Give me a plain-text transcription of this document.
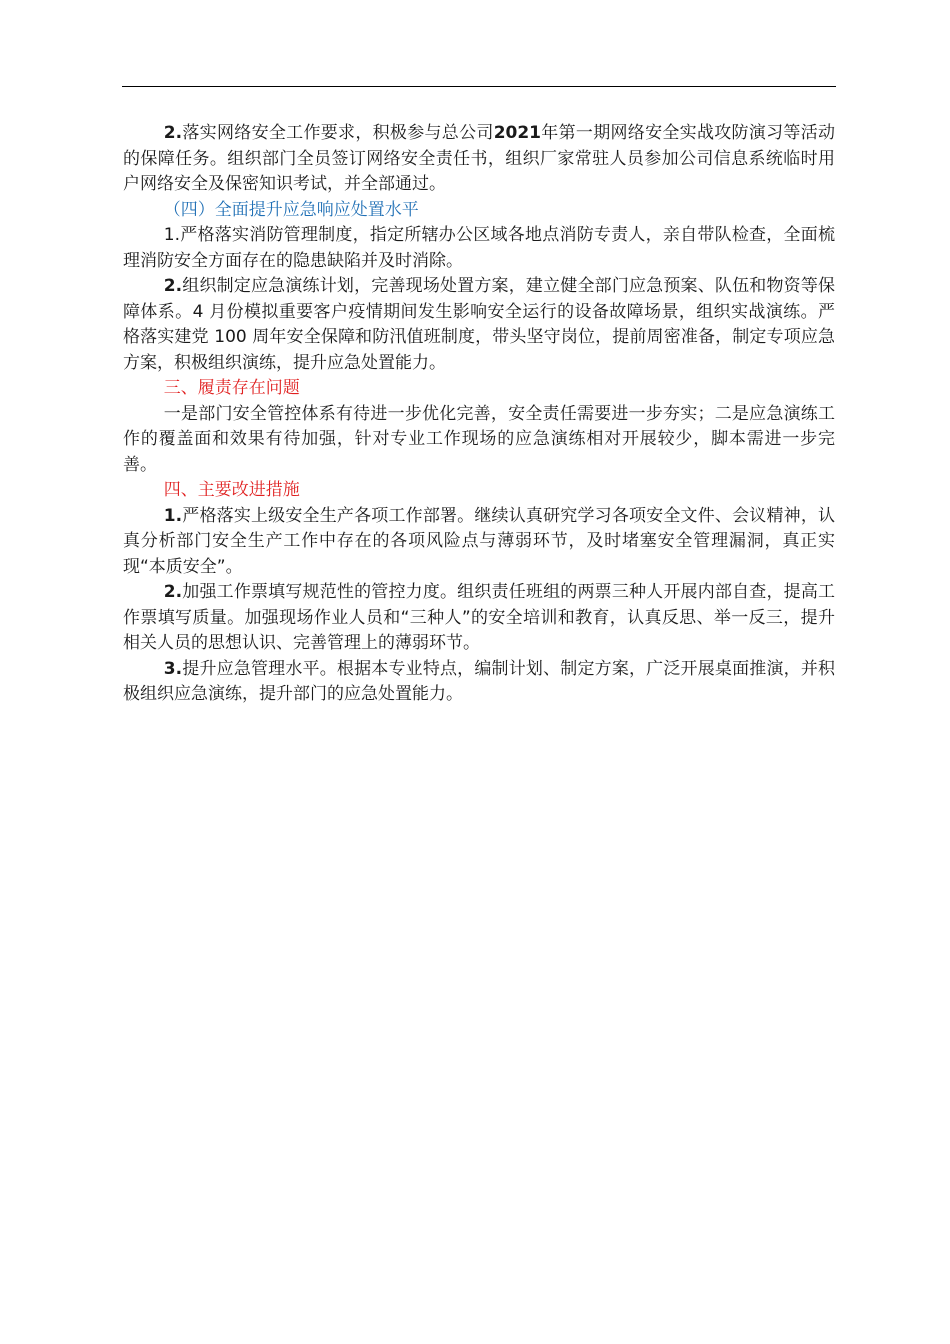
2.落实网络安全工作要求，积极参与总公司2021年第一期网络安全实战攻防演习等活动的保障任务。组织部门全员签订网络安全责任书，组织厂家常驻人员参加公司信息系统临时用户网络安全及保密知识考试，并全部通过。

（四）全面提升应急响应处置水平

1.严格落实消防管理制度，指定所辖办公区域各地点消防专责人，亲自带队检查，全面梳理消防安全方面存在的隐患缺陷并及时消除。

2.组织制定应急演练计划，完善现场处置方案，建立健全部门应急预案、队伍和物资等保障体系。4 月份模拟重要客户疫情期间发生影响安全运行的设备故障场景，组织实战演练。严格落实建党 100 周年安全保障和防汛值班制度，带头坚守岗位，提前周密准备，制定专项应急方案，积极组织演练，提升应急处置能力。

三、履责存在问题

一是部门安全管控体系有待进一步优化完善，安全责任需要进一步夯实；二是应急演练工作的覆盖面和效果有待加强，针对专业工作现场的应急演练相对开展较少，脚本需进一步完善。

四、主要改进措施

1.严格落实上级安全生产各项工作部署。继续认真研究学习各项安全文件、会议精神，认真分析部门安全生产工作中存在的各项风险点与薄弱环节，及时堵塞安全管理漏洞，真正实现“本质安全”。

2.加强工作票填写规范性的管控力度。组织责任班组的两票三种人开展内部自查，提高工作票填写质量。加强现场作业人员和“三种人”的安全培训和教育，认真反思、举一反三，提升相关人员的思想认识、完善管理上的薄弱环节。

3.提升应急管理水平。根据本专业特点，编制计划、制定方案，广泛开展桌面推演，并积极组织应急演练，提升部门的应急处置能力。
